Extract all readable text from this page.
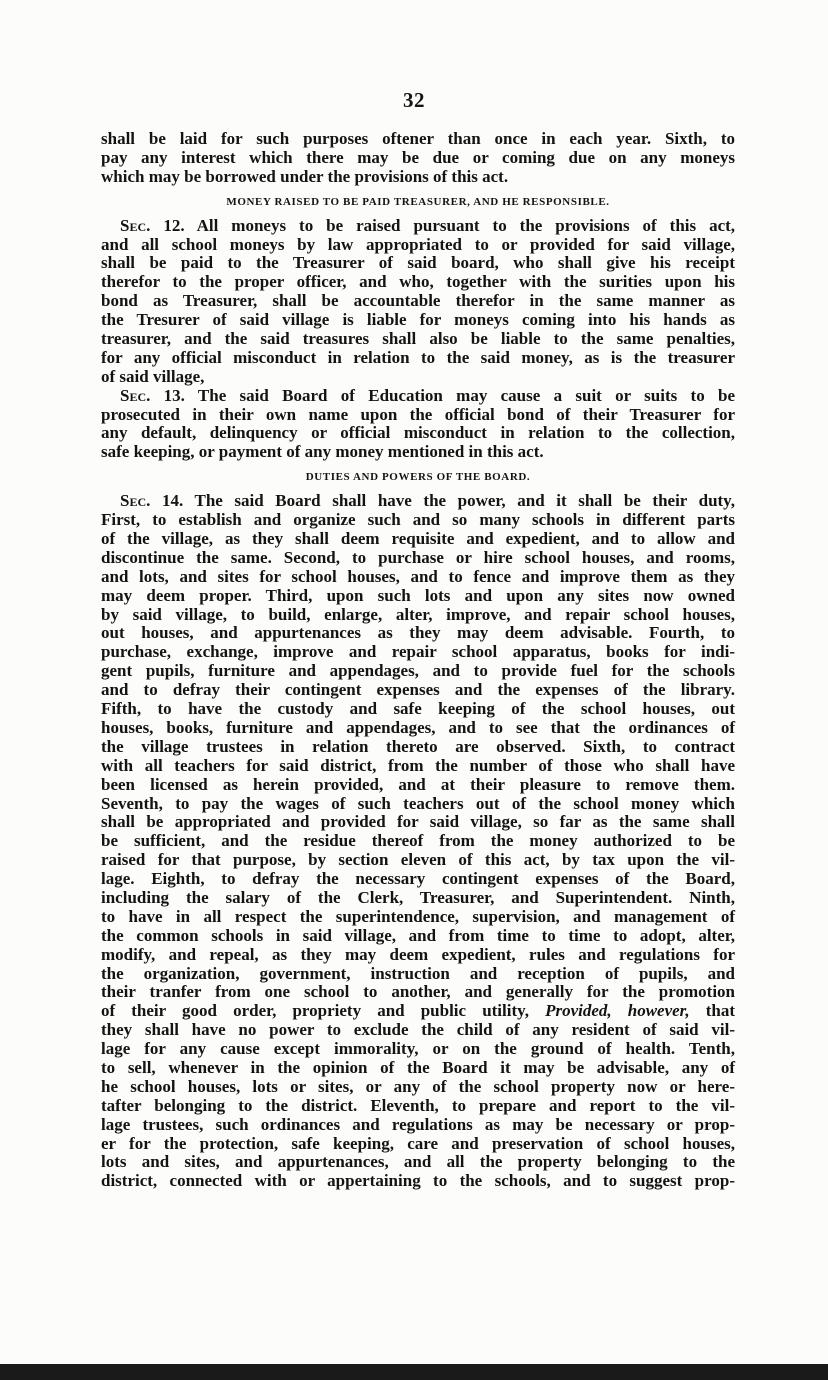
32
shall be laid for such purposes oftener than once in each year. Sixth, to
pay any interest which there may be due or coming due on any moneys
which may be borrowed under the provisions of this act.
MONEY RAISED TO BE PAID TREASURER, AND HE RESPONSIBLE.
Sec. 12. All moneys to be raised pursuant to the provisions of this act,
and all school moneys by law appropriated to or provided for said village,
shall be paid to the Treasurer of said board, who shall give his receipt
therefor to the proper officer, and who, together with the surities upon his
bond as Treasurer, shall be accountable therefor in the same manner as
the Tresurer of said village is liable for moneys coming into his hands as
treasurer, and the said treasures shall also be liable to the same penalties,
for any official misconduct in relation to the said money, as is the treasurer
of said village,
Sec. 13. The said Board of Education may cause a suit or suits to be
prosecuted in their own name upon the official bond of their Treasurer for
any default, delinquency or official misconduct in relation to the collection,
safe keeping, or payment of any money mentioned in this act.
DUTIES AND POWERS OF THE BOARD.
Sec. 14. The said Board shall have the power, and it shall be their duty,
First, to establish and organize such and so many schools in different parts
of the village, as they shall deem requisite and expedient, and to allow and
discontinue the same. Second, to purchase or hire school houses, and rooms,
and lots, and sites for school houses, and to fence and improve them as they
may deem proper. Third, upon such lots and upon any sites now owned
by said village, to build, enlarge, alter, improve, and repair school houses,
out houses, and appurtenances as they may deem advisable. Fourth, to
purchase, exchange, improve and repair school apparatus, books for indi-
gent pupils, furniture and appendages, and to provide fuel for the schools
and to defray their contingent expenses and the expenses of the library.
Fifth, to have the custody and safe keeping of the school houses, out
houses, books, furniture and appendages, and to see that the ordinances of
the village trustees in relation thereto are observed. Sixth, to contract
with all teachers for said district, from the number of those who shall have
been licensed as herein provided, and at their pleasure to remove them.
Seventh, to pay the wages of such teachers out of the school money which
shall be appropriated and provided for said village, so far as the same shall
be sufficient, and the residue thereof from the money authorized to be
raised for that purpose, by section eleven of this act, by tax upon the vil-
lage. Eighth, to defray the necessary contingent expenses of the Board,
including the salary of the Clerk, Treasurer, and Superintendent. Ninth,
to have in all respect the superintendence, supervision, and management of
the common schools in said village, and from time to time to adopt, alter,
modify, and repeal, as they may deem expedient, rules and regulations for
the organization, government, instruction and reception of pupils, and
their tranfer from one school to another, and generally for the promotion
of their good order, propriety and public utility, Provided, however, that
they shall have no power to exclude the child of any resident of said vil-
lage for any cause except immorality, or on the ground of health. Tenth,
to sell, whenever in the opinion of the Board it may be advisable, any of
he school houses, lots or sites, or any of the school property now or here-
tafter belonging to the district. Eleventh, to prepare and report to the vil-
lage trustees, such ordinances and regulations as may be necessary or prop-
er for the protection, safe keeping, care and preservation of school houses,
lots and sites, and appurtenances, and all the property belonging to the
district, connected with or appertaining to the schools, and to suggest prop-
